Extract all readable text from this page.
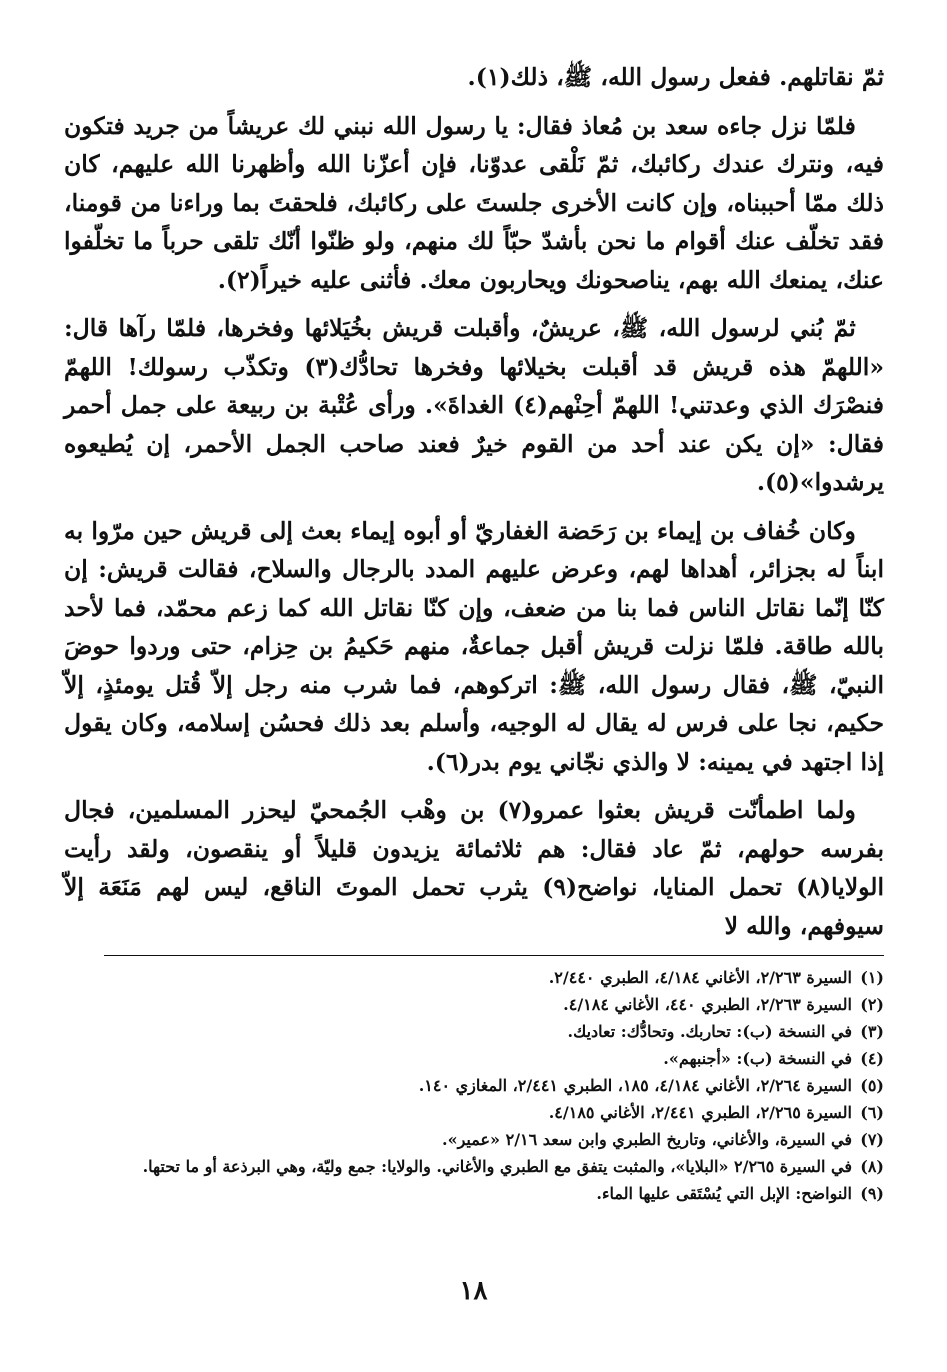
ثمّ نقاتلهم. ففعل رسول الله، ﷺ، ذلك(١).

فلمّا نزل جاءه سعد بن مُعاذ فقال: يا رسول الله نبني لك عريشاً من جريد فتكون فيه، ونترك عندك ركائبك، ثمّ نَلْقى عدوّنا، فإن أعزّنا الله وأظهرنا الله عليهم، كان ذلك ممّا أحببناه، وإن كانت الأخرى جلستَ على ركائبك، فلحقتَ بما وراءنا من قومنا، فقد تخلّف عنك أقوام ما نحن بأشدّ حبّاً لك منهم، ولو ظنّوا أنّك تلقى حرباً ما تخلّفوا عنك، يمنعك الله بهم، يناصحونك ويحاربون معك. فأثنى عليه خيراً(٢).

ثمّ بُني لرسول الله، ﷺ، عريشٌ، وأقبلت قريش بخُيَلائها وفخرها، فلمّا رآها قال: «اللهمّ هذه قريش قد أقبلت بخيلائها وفخرها تحادُّك(٣) وتكذّب رسولك! اللهمّ فنصْرَك الذي وعدتني! اللهمّ أحِنْهم(٤) الغداةَ». ورأى عُتْبة بن ربيعة على جمل أحمر فقال: «إن يكن عند أحد من القوم خيرٌ فعند صاحب الجمل الأحمر، إن يُطيعوه يرشدوا»(٥).

وكان خُفاف بن إيماء بن رَحَضة الغفاريّ أو أبوه إيماء بعث إلى قريش حين مرّوا به ابناً له بجزائر، أهداها لهم، وعرض عليهم المدد بالرجال والسلاح، فقالت قريش: إن كنّا إنّما نقاتل الناس فما بنا من ضعف، وإن كنّا نقاتل الله كما زعم محمّد، فما لأحد بالله طاقة. فلمّا نزلت قريش أقبل جماعةٌ، منهم حَكيمُ بن حِزام، حتى وردوا حوضَ النبيّ، ﷺ، فقال رسول الله، ﷺ: اتركوهم، فما شرب منه رجل إلاّ قُتل يومئذٍ، إلاّ حكيم، نجا على فرس له يقال له الوجيه، وأسلم بعد ذلك فحسُن إسلامه، وكان يقول إذا اجتهد في يمينه: لا والذي نجّاني يوم بدر(٦).

ولما اطمأنّت قريش بعثوا عمرو(٧) بن وهْب الجُمحيّ ليحزر المسلمين، فجال بفرسه حولهم، ثمّ عاد فقال: هم ثلاثمائة يزيدون قليلاً أو ينقصون، ولقد رأيت الولايا(٨) تحمل المنايا، نواضح(٩) يثرب تحمل الموتَ الناقع، ليس لهم مَنَعَة إلاّ سيوفهم، والله لا

(١)
السيرة ٢/٢٦٣، الأغاني ٤/١٨٤، الطبري ٢/٤٤٠.
(٢)
السيرة ٢/٢٦٣، الطبري ٤٤٠، الأغاني ٤/١٨٤.
(٣)
في النسخة (ب): تحاربك. وتحادُّك: تعاديك.
(٤)
في النسخة (ب): «أجنبهم».
(٥)
السيرة ٢/٢٦٤، الأغاني ٤/١٨٤، ١٨٥، الطبري ٢/٤٤١، المغازي ١٤٠.
(٦)
السيرة ٢/٢٦٥، الطبري ٢/٤٤١، الأغاني ٤/١٨٥.
(٧)
في السيرة، والأغاني، وتاريخ الطبري وابن سعد ٢/١٦ «عمير».
(٨)
في السيرة ٢/٢٦٥ «البلايا»، والمثبت يتفق مع الطبري والأغاني. والولايا: جمع وليّة، وهي البرذعة أو ما تحتها.
(٩)
النواضح: الإبل التي يُسْتَقى عليها الماء.
١٨
